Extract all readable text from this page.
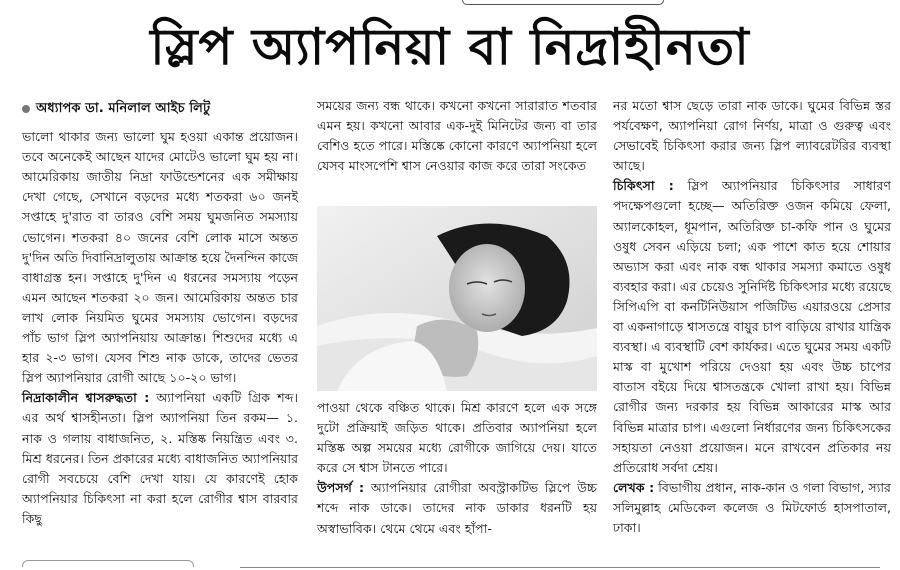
স্লিপ অ্যাপনিয়া বা নিদ্রাহীনতা
অধ্যাপক ডা. মনিলাল আইচ লিটু

ভালো থাকার জন্য ভালো ঘুম হওয়া একান্ত প্রয়োজন। তবে অনেকেই আছেন যাদের মোটেও ভালো ঘুম হয় না। আমেরিকায় জাতীয় নিদ্রা ফাউন্ডেশনের এক সমীক্ষায় দেখা গেছে, সেখানে বড়দের মধ্যে শতকরা ৬০ জনই সপ্তাহে দু'রাত বা তারও বেশি সময় ঘুমজনিত সমস্যায় ভোগেন। শতকরা ৪০ জনের বেশি লোক মাসে অন্তত দু'দিন অতি দিবানিদ্রালুতায় আক্রান্ত হয়ে দৈনন্দিন কাজে বাধাগ্রস্ত হন। সপ্তাহে দু'দিন এ ধরনের সমস্যায় পড়েন এমন আছেন শতকরা ২০ জন। আমেরিকায় অন্তত চার লাখ লোক নিয়মিত ঘুমের সমস্যায় ভোগেন। বড়দের পাঁচ ভাগ স্লিপ অ্যাপনিয়ায় আক্রান্ত। শিশুদের মধ্যে এ হার ২-৩ ভাগ। যেসব শিশু নাক ডাকে, তাদের ভেতর স্লিপ অ্যাপনিয়ার রোগী আছে ১০-২০ ভাগ।

নিদ্রাকালীন শ্বাসরুদ্ধতা : অ্যাপনিয়া একটি গ্রিক শব্দ। এর অর্থ শ্বাসহীনতা। স্লিপ অ্যাপনিয়া তিন রকম— ১. নাক ও গলায় বাধাজনিত, ২. মস্তিষ্ক নিয়ন্ত্রিত এবং ৩. মিশ্র ধরনের। তিন প্রকারের মধ্যে বাধাজনিত অ্যাপনিয়ার রোগী সবচেয়ে বেশি দেখা যায়। যে কারণেই হোক অ্যাপনিয়ার চিকিৎসা না করা হলে রোগীর শ্বাস বারবার কিছু

সময়ের জন্য বন্ধ থাকে। কখনো কখনো সারারাত শতবার এমন হয়। কখনো আবার এক-দুই মিনিটের জন্য বা তার বেশিও হতে পারে। মস্তিষ্কে কোনো কারণে অ্যাপনিয়া হলে যেসব মাংসপেশি শ্বাস নেওয়ার কাজ করে তারা সংকেত

পাওয়া থেকে বঞ্চিত থাকে। মিশ্র কারণে হলে এক সঙ্গে দুটো প্রক্রিয়াই জড়িত থাকে। প্রতিবার অ্যাপনিয়া হলে মস্তিষ্ক অল্প সময়ের মধ্যে রোগীকে জাগিয়ে দেয়। যাতে করে সে শ্বাস টানতে পারে।

উপসর্গ : অ্যাপনিয়ার রোগীরা অবস্ট্রাকটিভ স্লিপে উচ্চ শব্দে নাক ডাকে। তাদের নাক ডাকার ধরনটি হয় অস্বাভাবিক। থেমে থেমে এবং হাঁপা-

নর মতো শ্বাস ছেড়ে তারা নাক ডাকে। ঘুমের বিভিন্ন স্তর পর্যবেক্ষণ, অ্যাপনিয়া রোগ নির্ণয়, মাত্রা ও গুরুত্ব এবং সেভাবেই চিকিৎসা করার জন্য স্লিপ ল্যাবরেটরির ব্যবস্থা আছে।

চিকিৎসা : স্লিপ অ্যাপনিয়ার চিকিৎসার সাধারণ পদক্ষেপগুলো হচ্ছে— অতিরিক্ত ওজন কমিয়ে ফেলা, অ্যালকোহল, ধূমপান, অতিরিক্ত চা-কফি পান ও ঘুমের ওষুধ সেবন এড়িয়ে চলা; এক পাশে কাত হয়ে শোয়ার অভ্যাস করা এবং নাক বন্ধ থাকার সমস্যা কমাতে ওষুধ ব্যবহার করা। এর চেয়েও সুনির্দিষ্ট চিকিৎসার মধ্যে রয়েছে সিপিএপি বা কনটিনিউয়াস পজিটিভ এয়ারওয়ে প্রেসার বা একনাগাড়ে শ্বাসতন্ত্রে বায়ুর চাপ বাড়িয়ে রাখার যান্ত্রিক ব্যবস্থা। এ ব্যবস্থাটি বেশ কার্যকর। এতে ঘুমের সময় একটি মাস্ক বা মুখোশ পরিয়ে দেওয়া হয় এবং উচ্চ চাপের বাতাস বইয়ে দিয়ে শ্বাসতন্ত্রকে খোলা রাখা হয়। বিভিন্ন রোগীর জন্য দরকার হয় বিভিন্ন আকারের মাস্ক আর বিভিন্ন মাত্রার চাপ। এগুলো নির্ধারণের জন্য চিকিৎসকের সহায়তা নেওয়া প্রয়োজন। মনে রাখবেন প্রতিকার নয় প্রতিরোধ সর্বদা শ্রেয়।

লেখক : বিভাগীয় প্রধান, নাক-কান ও গলা বিভাগ, স্যার সলিমুল্লাহ মেডিকেল কলেজ ও মিটফোর্ড হাসপাতাল, ঢাকা।
